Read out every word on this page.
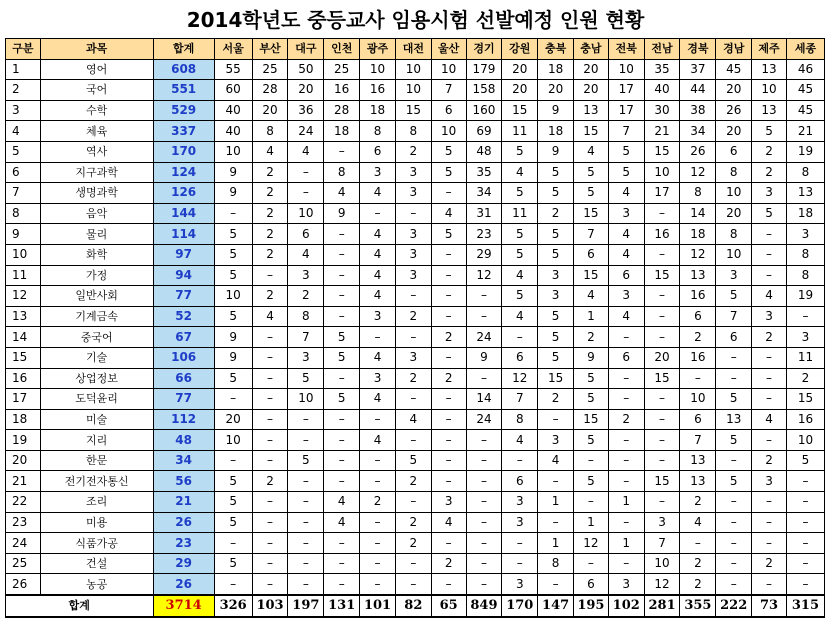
2014학년도 중등교사 임용시험 선발예정 인원 현황
구분	과목	합계	서울	부산	대구	인천	광주	대전	울산	경기	강원	충북	충남	전북	전남	경북	경남	제주	세종
1	영어	608	55	25	50	25	10	10	10	179	20	18	20	10	35	37	45	13	46
2	국어	551	60	28	20	16	16	10	7	158	20	20	20	17	40	44	20	10	45
3	수학	529	40	20	36	28	18	15	6	160	15	9	13	17	30	38	26	13	45
4	체육	337	40	8	24	18	8	8	10	69	11	18	15	7	21	34	20	5	21
5	역사	170	10	4	4	–	6	2	5	48	5	9	4	5	15	26	6	2	19
6	지구과학	124	9	2	–	8	3	3	5	35	4	5	5	5	10	12	8	2	8
7	생명과학	126	9	2	–	4	4	3	–	34	5	5	5	4	17	8	10	3	13
8	음악	144	–	2	10	9	–	–	4	31	11	2	15	3	–	14	20	5	18
9	물리	114	5	2	6	–	4	3	5	23	5	5	7	4	16	18	8	–	3
10	화학	97	5	2	4	–	4	3	–	29	5	5	6	4	–	12	10	–	8
11	가정	94	5	–	3	–	4	3	–	12	4	3	15	6	15	13	3	–	8
12	일반사회	77	10	2	2	–	4	–	–	–	5	3	4	3	–	16	5	4	19
13	기계금속	52	5	4	8	–	3	2	–	–	4	5	1	4	–	6	7	3	–
14	중국어	67	9	–	7	5	–	–	2	24	–	5	2	–	–	2	6	2	3
15	기술	106	9	–	3	5	4	3	–	9	6	5	9	6	20	16	–	–	11
16	상업정보	66	5	–	5	–	3	2	2	–	12	15	5	–	15	–	–	–	2
17	도덕윤리	77	–	–	10	5	4	–	–	14	7	2	5	–	–	10	5	–	15
18	미술	112	20	–	–	–	–	4	–	24	8	–	15	2	–	6	13	4	16
19	지리	48	10	–	–	–	4	–	–	–	4	3	5	–	–	7	5	–	10
20	한문	34	–	–	5	–	–	5	–	–	–	4	–	–	–	13	–	2	5
21	전기전자통신	56	5	2	–	–	–	2	–	–	6	–	5	–	15	13	5	3	–
22	조리	21	5	–	–	4	2	–	3	–	3	1	–	1	–	2	–	–	–
23	미용	26	5	–	–	4	–	2	4	–	3	–	1	–	3	4	–	–	–
24	식품가공	23	–	–	–	–	–	2	–	–	–	1	12	1	7	–	–	–	–
25	건설	29	5	–	–	–	–	–	2	–	–	8	–	–	10	2	–	2	–
26	농공	26	–	–	–	–	–	–	–	–	3	–	6	3	12	2	–	–	–
합계		3714	326	103	197	131	101	82	65	849	170	147	195	102	281	355	222	73	315
